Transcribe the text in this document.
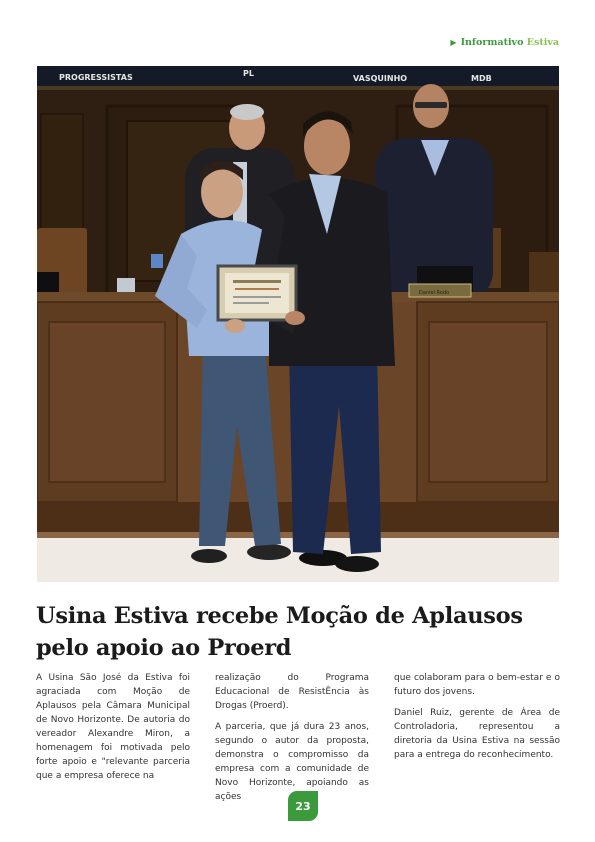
▶ Informativo Estiva
PROGRESSISTAS	PL
VASQUINHO	MDB
Daniel Rodo
Usina Estiva recebe Moção de Aplausos pelo apoio ao Proerd

A Usina São José da Estiva foi agraciada com Moção de Aplausos pela Câmara Municipal de Novo Horizonte. De autoria do vereador Alexandre Miron, a homenagem foi motivada pelo forte apoio e "relevante parceria que a empresa oferece na

realização do Programa Educacional de ResistÊncia às Drogas (Proerd).

A parceria, que já dura 23 anos, segundo o autor da proposta, demonstra o compromisso da empresa com a comunidade de Novo Horizonte, apoiando as ações

que colaboram para o bem-estar e o futuro dos jovens.

Daniel Ruiz, gerente de Área de Controladoria, representou a diretoria da Usina Estiva na sessão para a entrega do reconhecimento.

23
